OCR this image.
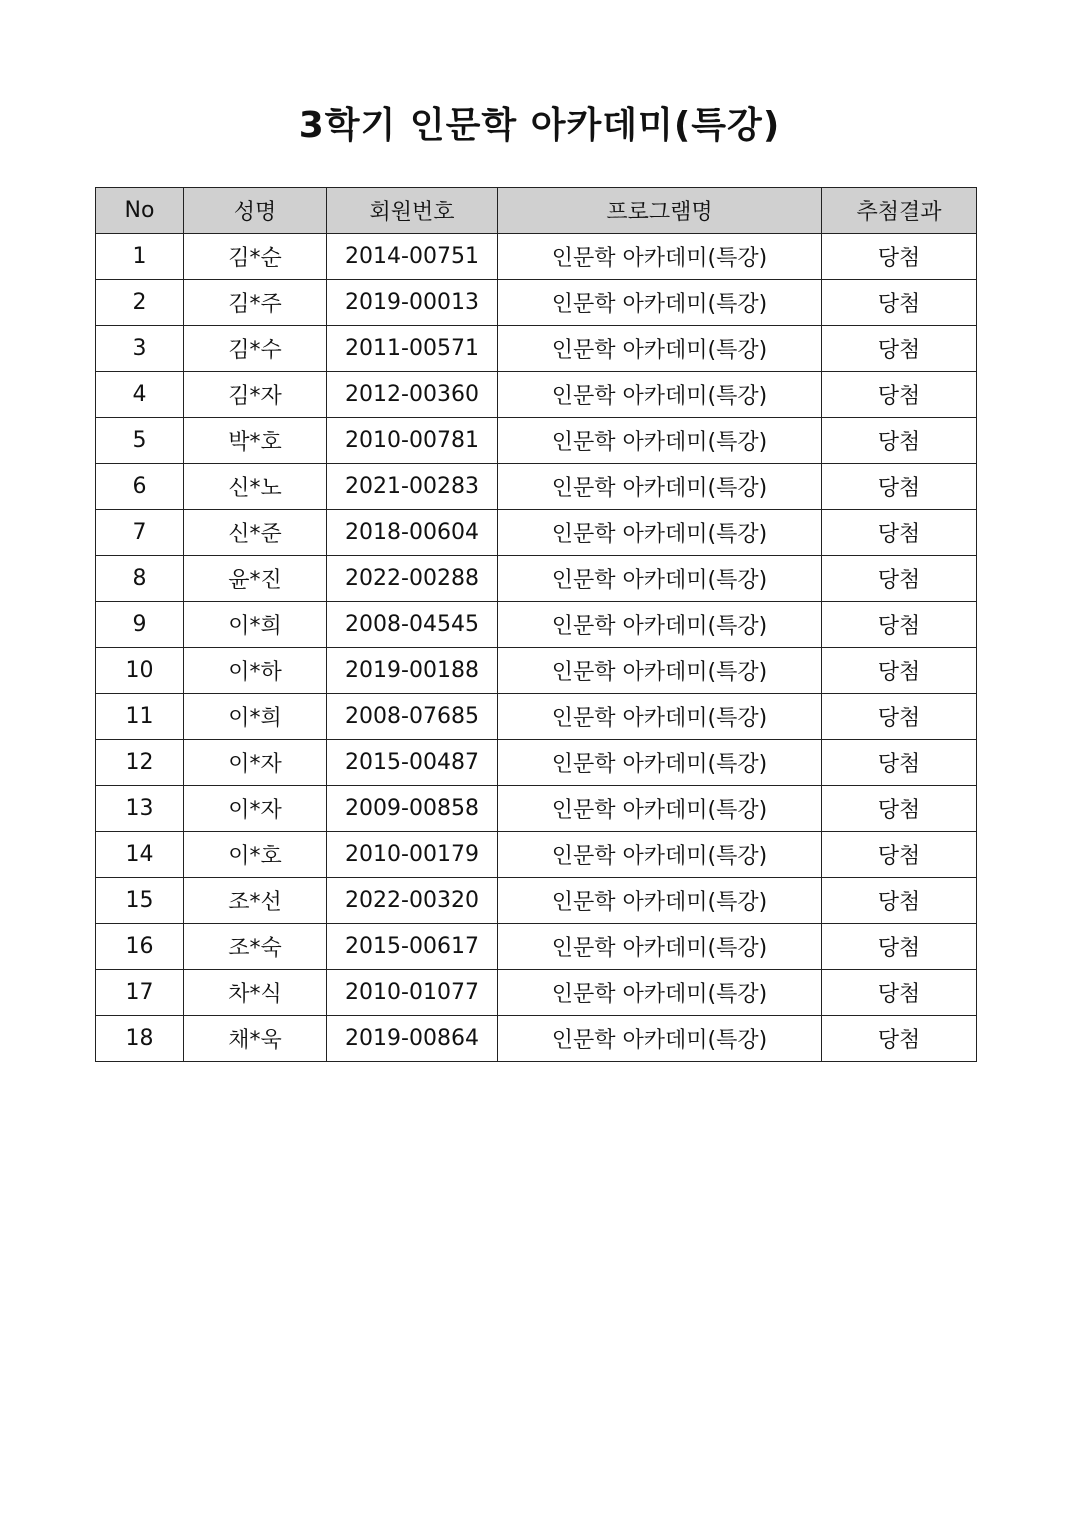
3학기 인문학 아카데미(특강)
No	성명	회원번호	프로그램명	추첨결과
1	김*순	2014-00751	인문학 아카데미(특강)	당첨
2	김*주	2019-00013	인문학 아카데미(특강)	당첨
3	김*수	2011-00571	인문학 아카데미(특강)	당첨
4	김*자	2012-00360	인문학 아카데미(특강)	당첨
5	박*호	2010-00781	인문학 아카데미(특강)	당첨
6	신*노	2021-00283	인문학 아카데미(특강)	당첨
7	신*준	2018-00604	인문학 아카데미(특강)	당첨
8	윤*진	2022-00288	인문학 아카데미(특강)	당첨
9	이*희	2008-04545	인문학 아카데미(특강)	당첨
10	이*하	2019-00188	인문학 아카데미(특강)	당첨
11	이*희	2008-07685	인문학 아카데미(특강)	당첨
12	이*자	2015-00487	인문학 아카데미(특강)	당첨
13	이*자	2009-00858	인문학 아카데미(특강)	당첨
14	이*호	2010-00179	인문학 아카데미(특강)	당첨
15	조*선	2022-00320	인문학 아카데미(특강)	당첨
16	조*숙	2015-00617	인문학 아카데미(특강)	당첨
17	차*식	2010-01077	인문학 아카데미(특강)	당첨
18	채*욱	2019-00864	인문학 아카데미(특강)	당첨
